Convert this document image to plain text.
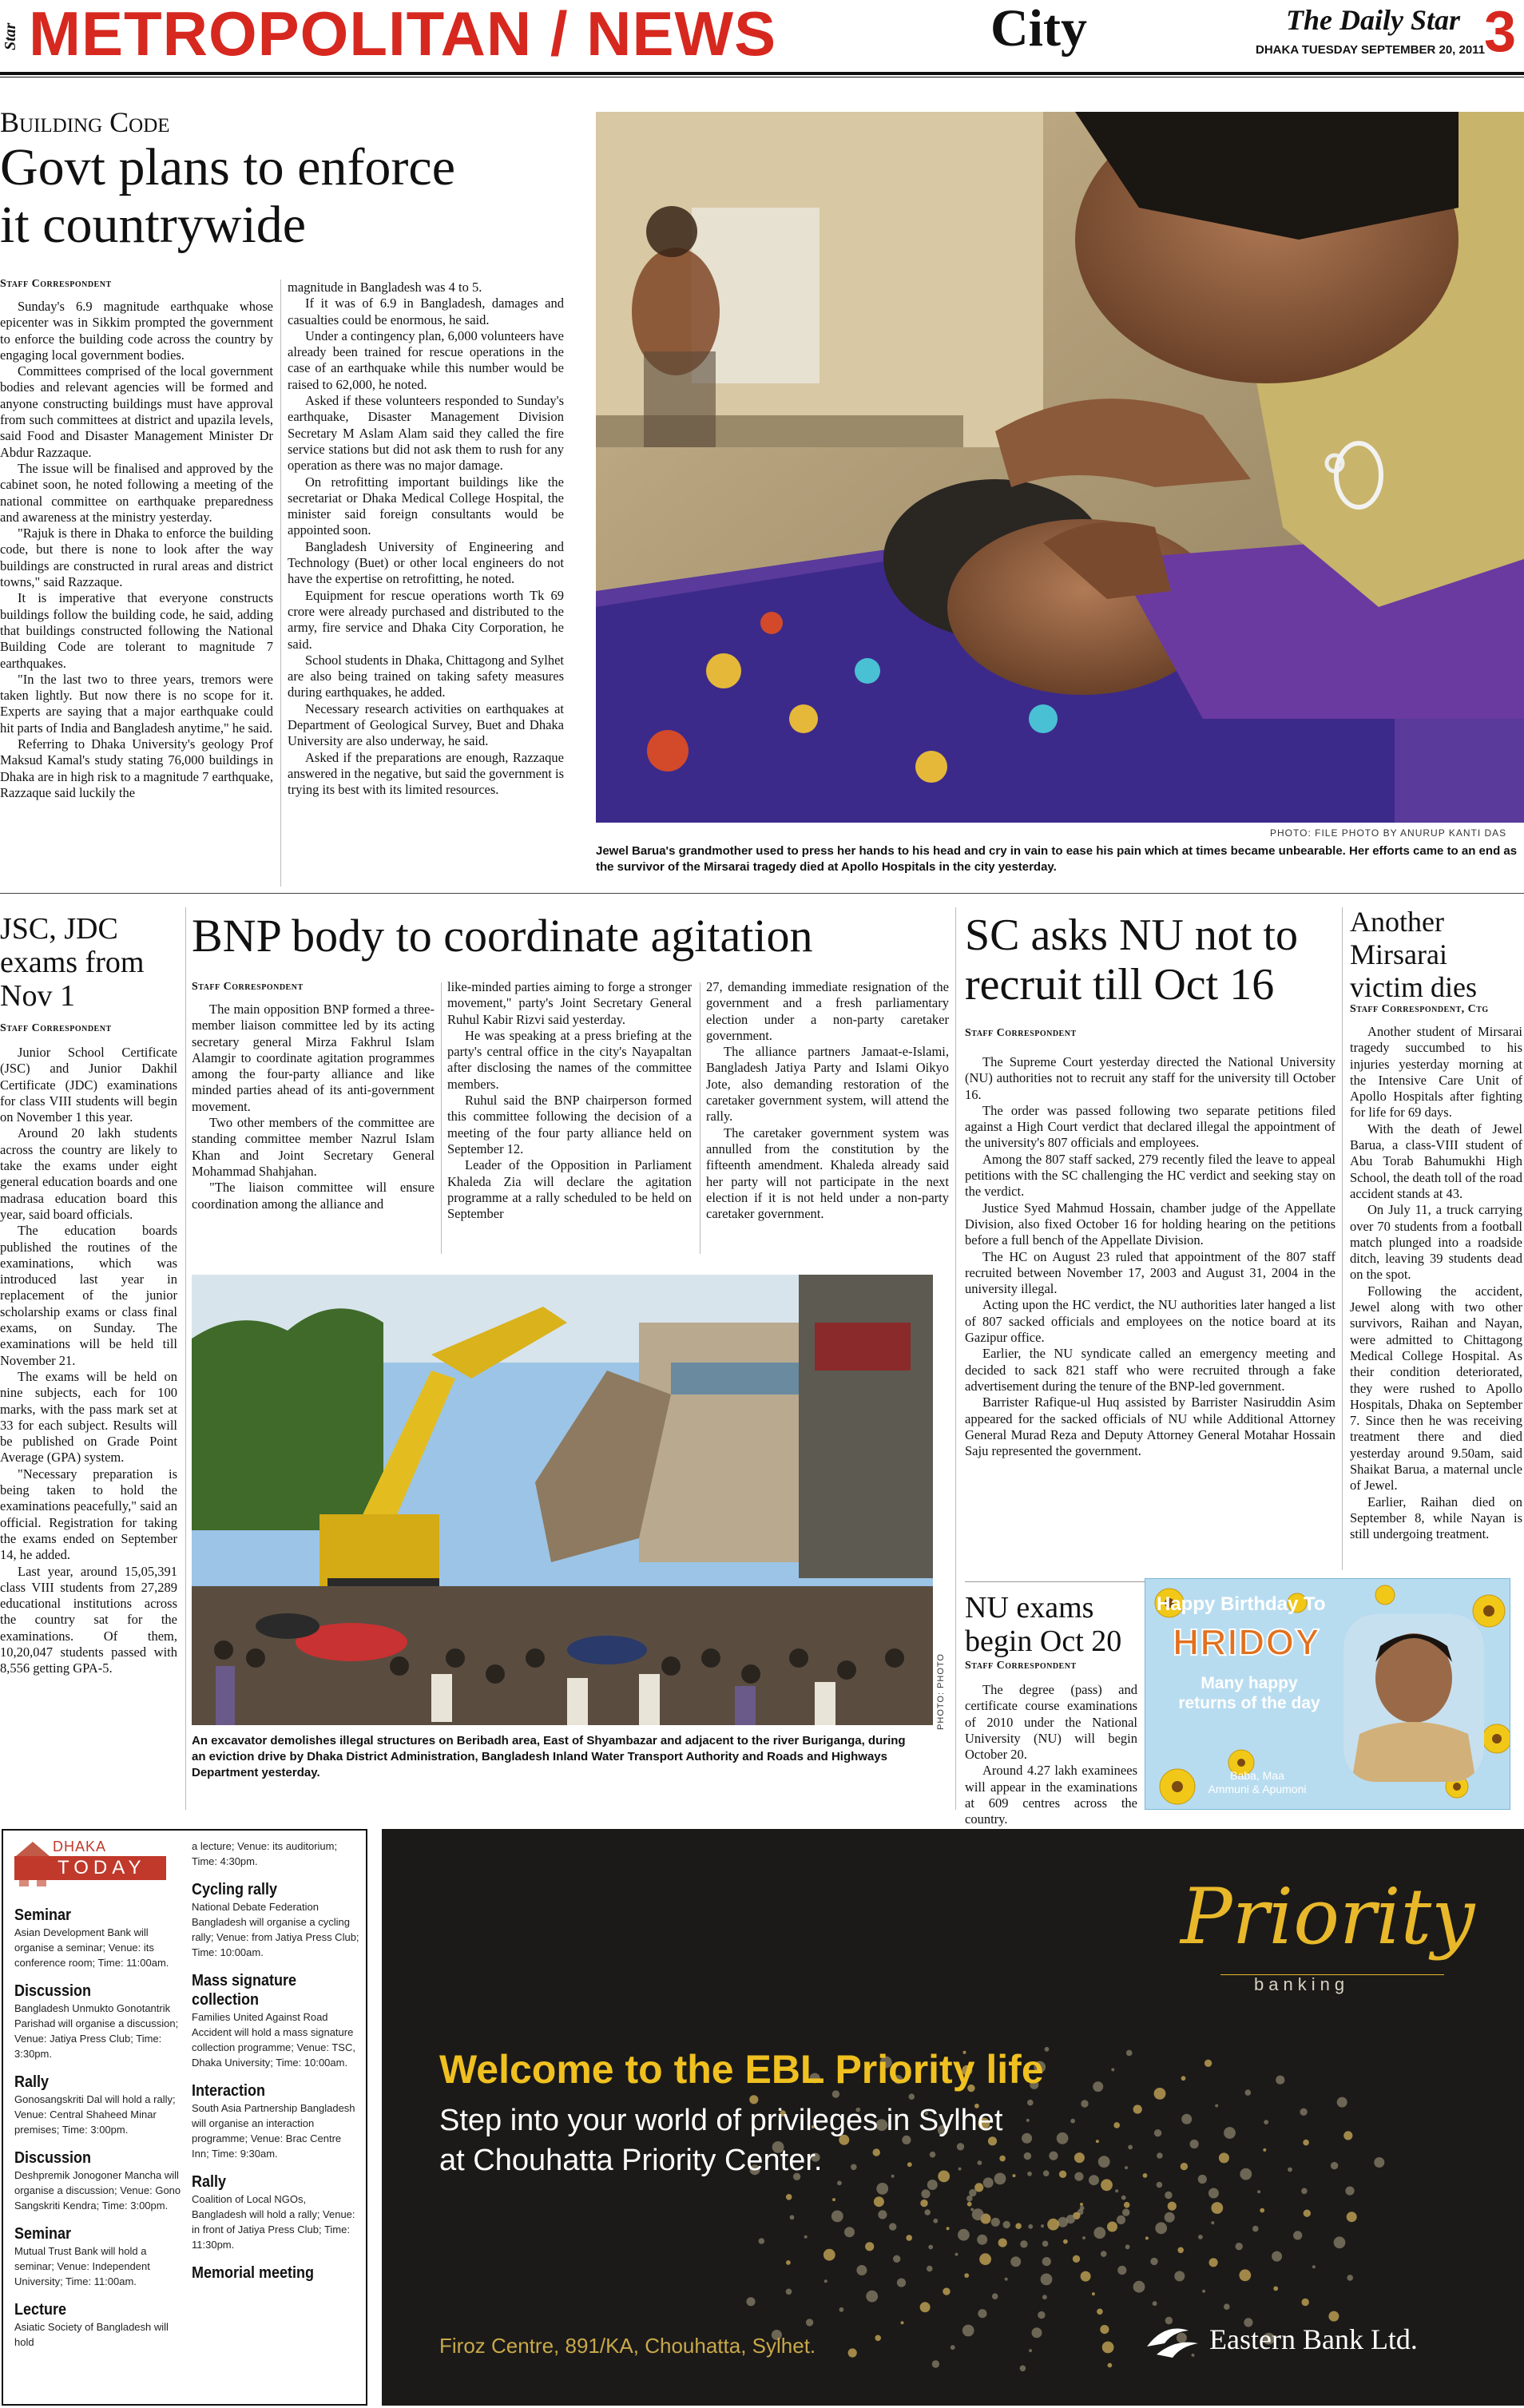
Star METROPOLITAN / NEWS	City	The Daily Star 3
DHAKA TUESDAY SEPTEMBER 20, 2011
Building Code
Govt plans to enforce
it countrywide
Staff Correspondent

Sunday's 6.9 magnitude earthquake whose epicenter was in Sikkim prompted the government to enforce the building code across the country by engaging local government bodies.

Committees comprised of the local government bodies and relevant agencies will be formed and anyone constructing buildings must have approval from such committees at district and upazila levels, said Food and Disaster Management Minister Dr Abdur Razzaque.

The issue will be finalised and approved by the cabinet soon, he noted following a meeting of the national committee on earthquake preparedness and awareness at the ministry yesterday.

"Rajuk is there in Dhaka to enforce the building code, but there is none to look after the way buildings are constructed in rural areas and district towns," said Razzaque.

It is imperative that everyone constructs buildings follow the building code, he said, adding that buildings constructed following the National Building Code are tolerant to magnitude 7 earthquakes.

"In the last two to three years, tremors were taken lightly. But now there is no scope for it. Experts are saying that a major earthquake could hit parts of India and Bangladesh anytime," he said.

Referring to Dhaka University's geology Prof Maksud Kamal's study stating 76,000 buildings in Dhaka are in high risk to a magnitude 7 earthquake, Razzaque said luckily the

magnitude in Bangladesh was 4 to 5.

If it was of 6.9 in Bangladesh, damages and casualties could be enormous, he said.

Under a contingency plan, 6,000 volunteers have already been trained for rescue operations in the case of an earthquake while this number would be raised to 62,000, he noted.

Asked if these volunteers responded to Sunday's earthquake, Disaster Management Division Secretary M Aslam Alam said they called the fire service stations but did not ask them to rush for any operation as there was no major damage.

On retrofitting important buildings like the secretariat or Dhaka Medical College Hospital, the minister said foreign consultants would be appointed soon.

Bangladesh University of Engineering and Technology (Buet) or other local engineers do not have the expertise on retrofitting, he noted.

Equipment for rescue operations worth Tk 69 crore were already purchased and distributed to the army, fire service and Dhaka City Corporation, he said.

School students in Dhaka, Chittagong and Sylhet are also being trained on taking safety measures during earthquakes, he added.

Necessary research activities on earthquakes at Department of Geological Survey, Buet and Dhaka University are also underway, he said.

Asked if the preparations are enough, Razzaque answered in the negative, but said the government is trying its best with its limited resources.

PHOTO: FILE PHOTO BY ANURUP KANTI DAS
Jewel Barua's grandmother used to press her hands to his head and cry in vain to ease his pain which at times became unbearable. Her efforts came to an end as the survivor of the Mirsarai tragedy died at Apollo Hospitals in the city yesterday.
JSC, JDC exams from Nov 1
Staff Correspondent

Junior School Certificate (JSC) and Junior Dakhil Certificate (JDC) examinations for class VIII students will begin on November 1 this year.

Around 20 lakh students across the country are likely to take the exams under eight general education boards and one madrasa education board this year, said board officials.

The education boards published the routines of the examinations, which was introduced last year in replacement of the junior scholarship exams or class final exams, on Sunday. The examinations will be held till November 21.

The exams will be held on nine subjects, each for 100 marks, with the pass mark set at 33 for each subject. Results will be published on Grade Point Average (GPA) system.

"Necessary preparation is being taken to hold the examinations peacefully," said an official. Registration for taking the exams ended on September 14, he added.

Last year, around 15,05,391 class VIII students from 27,289 educational institutions across the country sat for the examinations. Of them, 10,20,047 students passed with 8,556 getting GPA-5.

BNP body to coordinate agitation
Staff Correspondent

The main opposition BNP formed a three-member liaison committee led by its acting secretary general Mirza Fakhrul Islam Alamgir to coordinate agitation programmes among the four-party alliance and like minded parties ahead of its anti-government movement.

Two other members of the committee are standing committee member Nazrul Islam Khan and Joint Secretary General Mohammad Shahjahan.

"The liaison committee will ensure coordination among the alliance and

like-minded parties aiming to forge a stronger movement," party's Joint Secretary General Ruhul Kabir Rizvi said yesterday.

He was speaking at a press briefing at the party's central office in the city's Nayapaltan after disclosing the names of the committee members.

Ruhul said the BNP chairperson formed this committee following the decision of a meeting of the four party alliance held on September 12.

Leader of the Opposition in Parliament Khaleda Zia will declare the agitation programme at a rally scheduled to be held on September

27, demanding immediate resignation of the government and a fresh parliamentary election under a non-party caretaker government.

The alliance partners Jamaat-e-Islami, Bangladesh Jatiya Party and Islami Oikyo Jote, also demanding restoration of the caretaker government system, will attend the rally.

The caretaker government system was annulled from the constitution by the fifteenth amendment. Khaleda already said her party will not participate in the next election if it is not held under a non-party caretaker government.

PHOTO: PHOTO
An excavator demolishes illegal structures on Beribadh area, East of Shyambazar and adjacent to the river Buriganga, during an eviction drive by Dhaka District Administration, Bangladesh Inland Water Transport Authority and Roads and Highways Department yesterday.
SC asks NU not to recruit till Oct 16
Staff Correspondent

The Supreme Court yesterday directed the National University (NU) authorities not to recruit any staff for the university till October 16.

The order was passed following two separate petitions filed against a High Court verdict that declared illegal the appointment of the university's 807 officials and employees.

Among the 807 staff sacked, 279 recently filed the leave to appeal petitions with the SC challenging the HC verdict and seeking stay on the verdict.

Justice Syed Mahmud Hossain, chamber judge of the Appellate Division, also fixed October 16 for holding hearing on the petitions before a full bench of the Appellate Division.

The HC on August 23 ruled that appointment of the 807 staff recruited between November 17, 2003 and August 31, 2004 in the university illegal.

Acting upon the HC verdict, the NU authorities later hanged a list of 807 sacked officials and employees on the notice board at its Gazipur office.

Earlier, the NU syndicate called an emergency meeting and decided to sack 821 staff who were recruited through a fake advertisement during the tenure of the BNP-led government.

Barrister Rafique-ul Huq assisted by Barrister Nasiruddin Asim appeared for the sacked officials of NU while Additional Attorney General Murad Reza and Deputy Attorney General Motahar Hossain Saju represented the government.

NU exams begin Oct 20
Staff Correspondent

The degree (pass) and certificate course examinations of 2010 under the National University (NU) will begin October 20.

Around 4.27 lakh examinees will appear in the examinations at 609 centres across the country.

Happy Birthday To
HRIDOY
Many happy returns of the day
Baba, Maa
Ammuni & Apumoni
Another Mirsarai victim dies
Staff Correspondent, Ctg

Another student of Mirsarai tragedy succumbed to his injuries yesterday morning at the Intensive Care Unit of Apollo Hospitals after fighting for life for 69 days.

With the death of Jewel Barua, a class-VIII student of Abu Torab Bahumukhi High School, the death toll of the road accident stands at 43.

On July 11, a truck carrying over 70 students from a football match plunged into a roadside ditch, leaving 39 students dead on the spot.

Following the accident, Jewel along with two other survivors, Raihan and Nayan, were admitted to Chittagong Medical College Hospital. As their condition deteriorated, they were rushed to Apollo Hospitals, Dhaka on September 7. Since then he was receiving treatment there and died yesterday around 9.50am, said Shaikat Barua, a maternal uncle of Jewel.

Earlier, Raihan died on September 8, while Nayan is still undergoing treatment.

DHAKA
TODAY
Seminar

Asian Development Bank will organise a seminar; Venue: its conference room; Time: 11:00am.

Discussion

Bangladesh Unmukto Gonotantrik Parishad will organise a discussion; Venue: Jatiya Press Club; Time: 3:30pm.

Rally

Gonosangskriti Dal will hold a rally; Venue: Central Shaheed Minar premises; Time: 3:00pm.

Discussion

Deshpremik Jonogoner Mancha will organise a discussion; Venue: Gono Sangskriti Kendra; Time: 3:00pm.

Seminar

Mutual Trust Bank will hold a seminar; Venue: Independent University; Time: 11:00am.

Lecture

Asiatic Society of Bangladesh will hold

a lecture; Venue: its auditorium; Time: 4:30pm.

Cycling rally

National Debate Federation Bangladesh will organise a cycling rally; Venue: from Jatiya Press Club; Time: 10:00am.

Mass signature collection

Families United Against Road Accident will hold a mass signature collection programme; Venue: TSC, Dhaka University; Time: 10:00am.

Interaction

South Asia Partnership Bangladesh will organise an interaction programme; Venue: Brac Centre Inn; Time: 9:30am.

Rally

Coalition of Local NGOs, Bangladesh will hold a rally; Venue: in front of Jatiya Press Club; Time: 11:30pm.

Memorial meeting
Priority
banking
Welcome to the EBL Priority life
Step into your world of privileges in Sylhet
at Chouhatta Priority Center.
Firoz Centre, 891/KA, Chouhatta, Sylhet.	Eastern Bank Ltd.
